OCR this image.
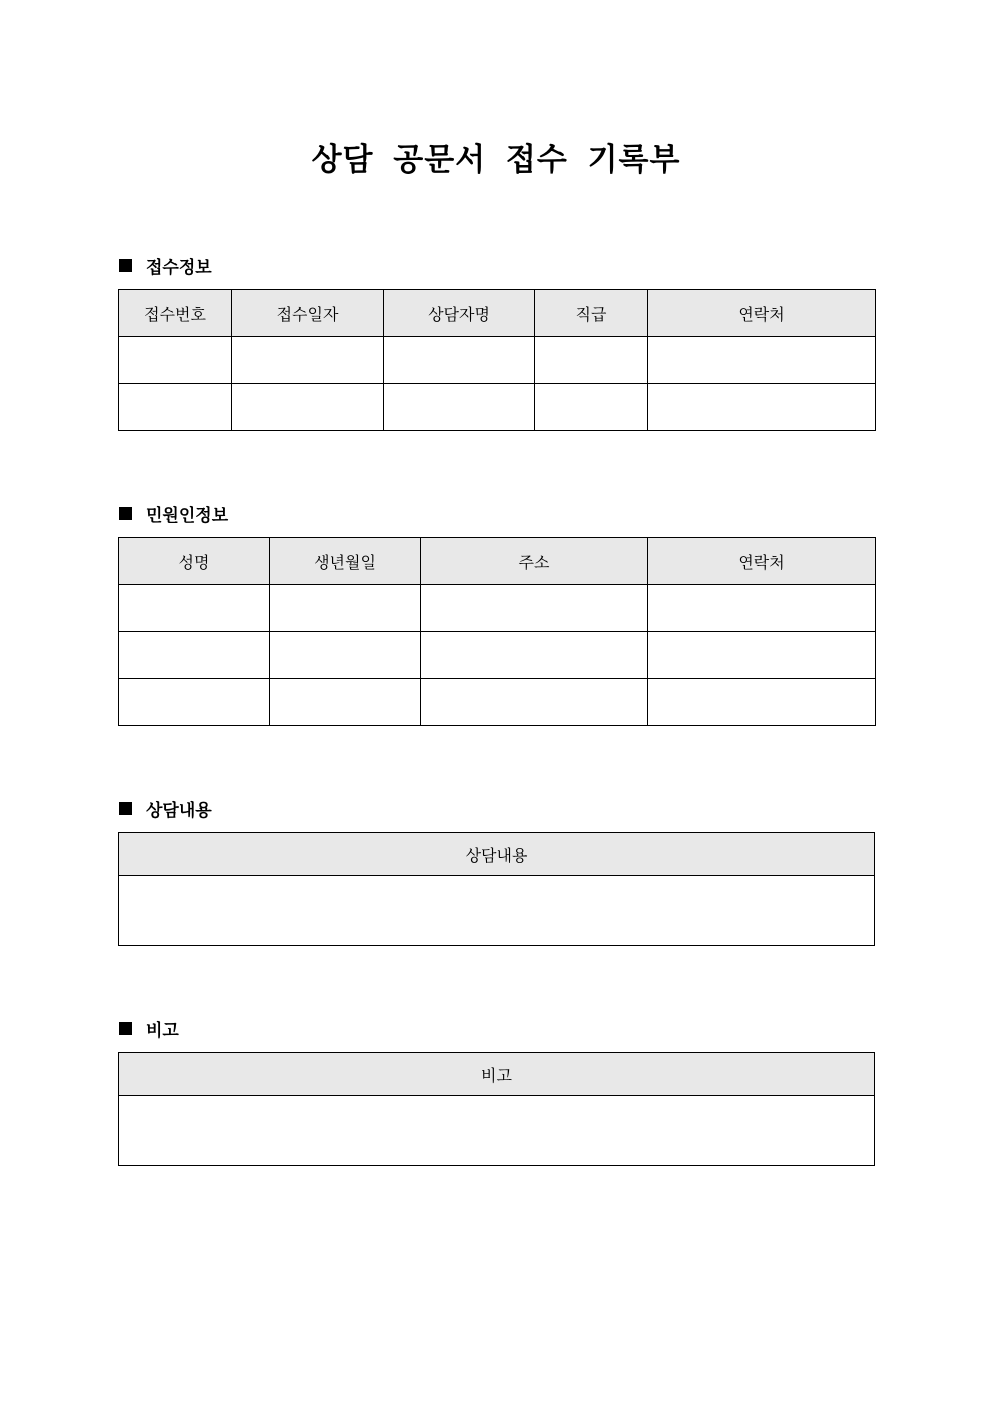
상담 공문서 접수 기록부
접수정보
접수번호	접수일자	상담자명	직급	연락처

민원인정보
성명	생년월일	주소	연락처

상담내용
상담내용

비고
비고
